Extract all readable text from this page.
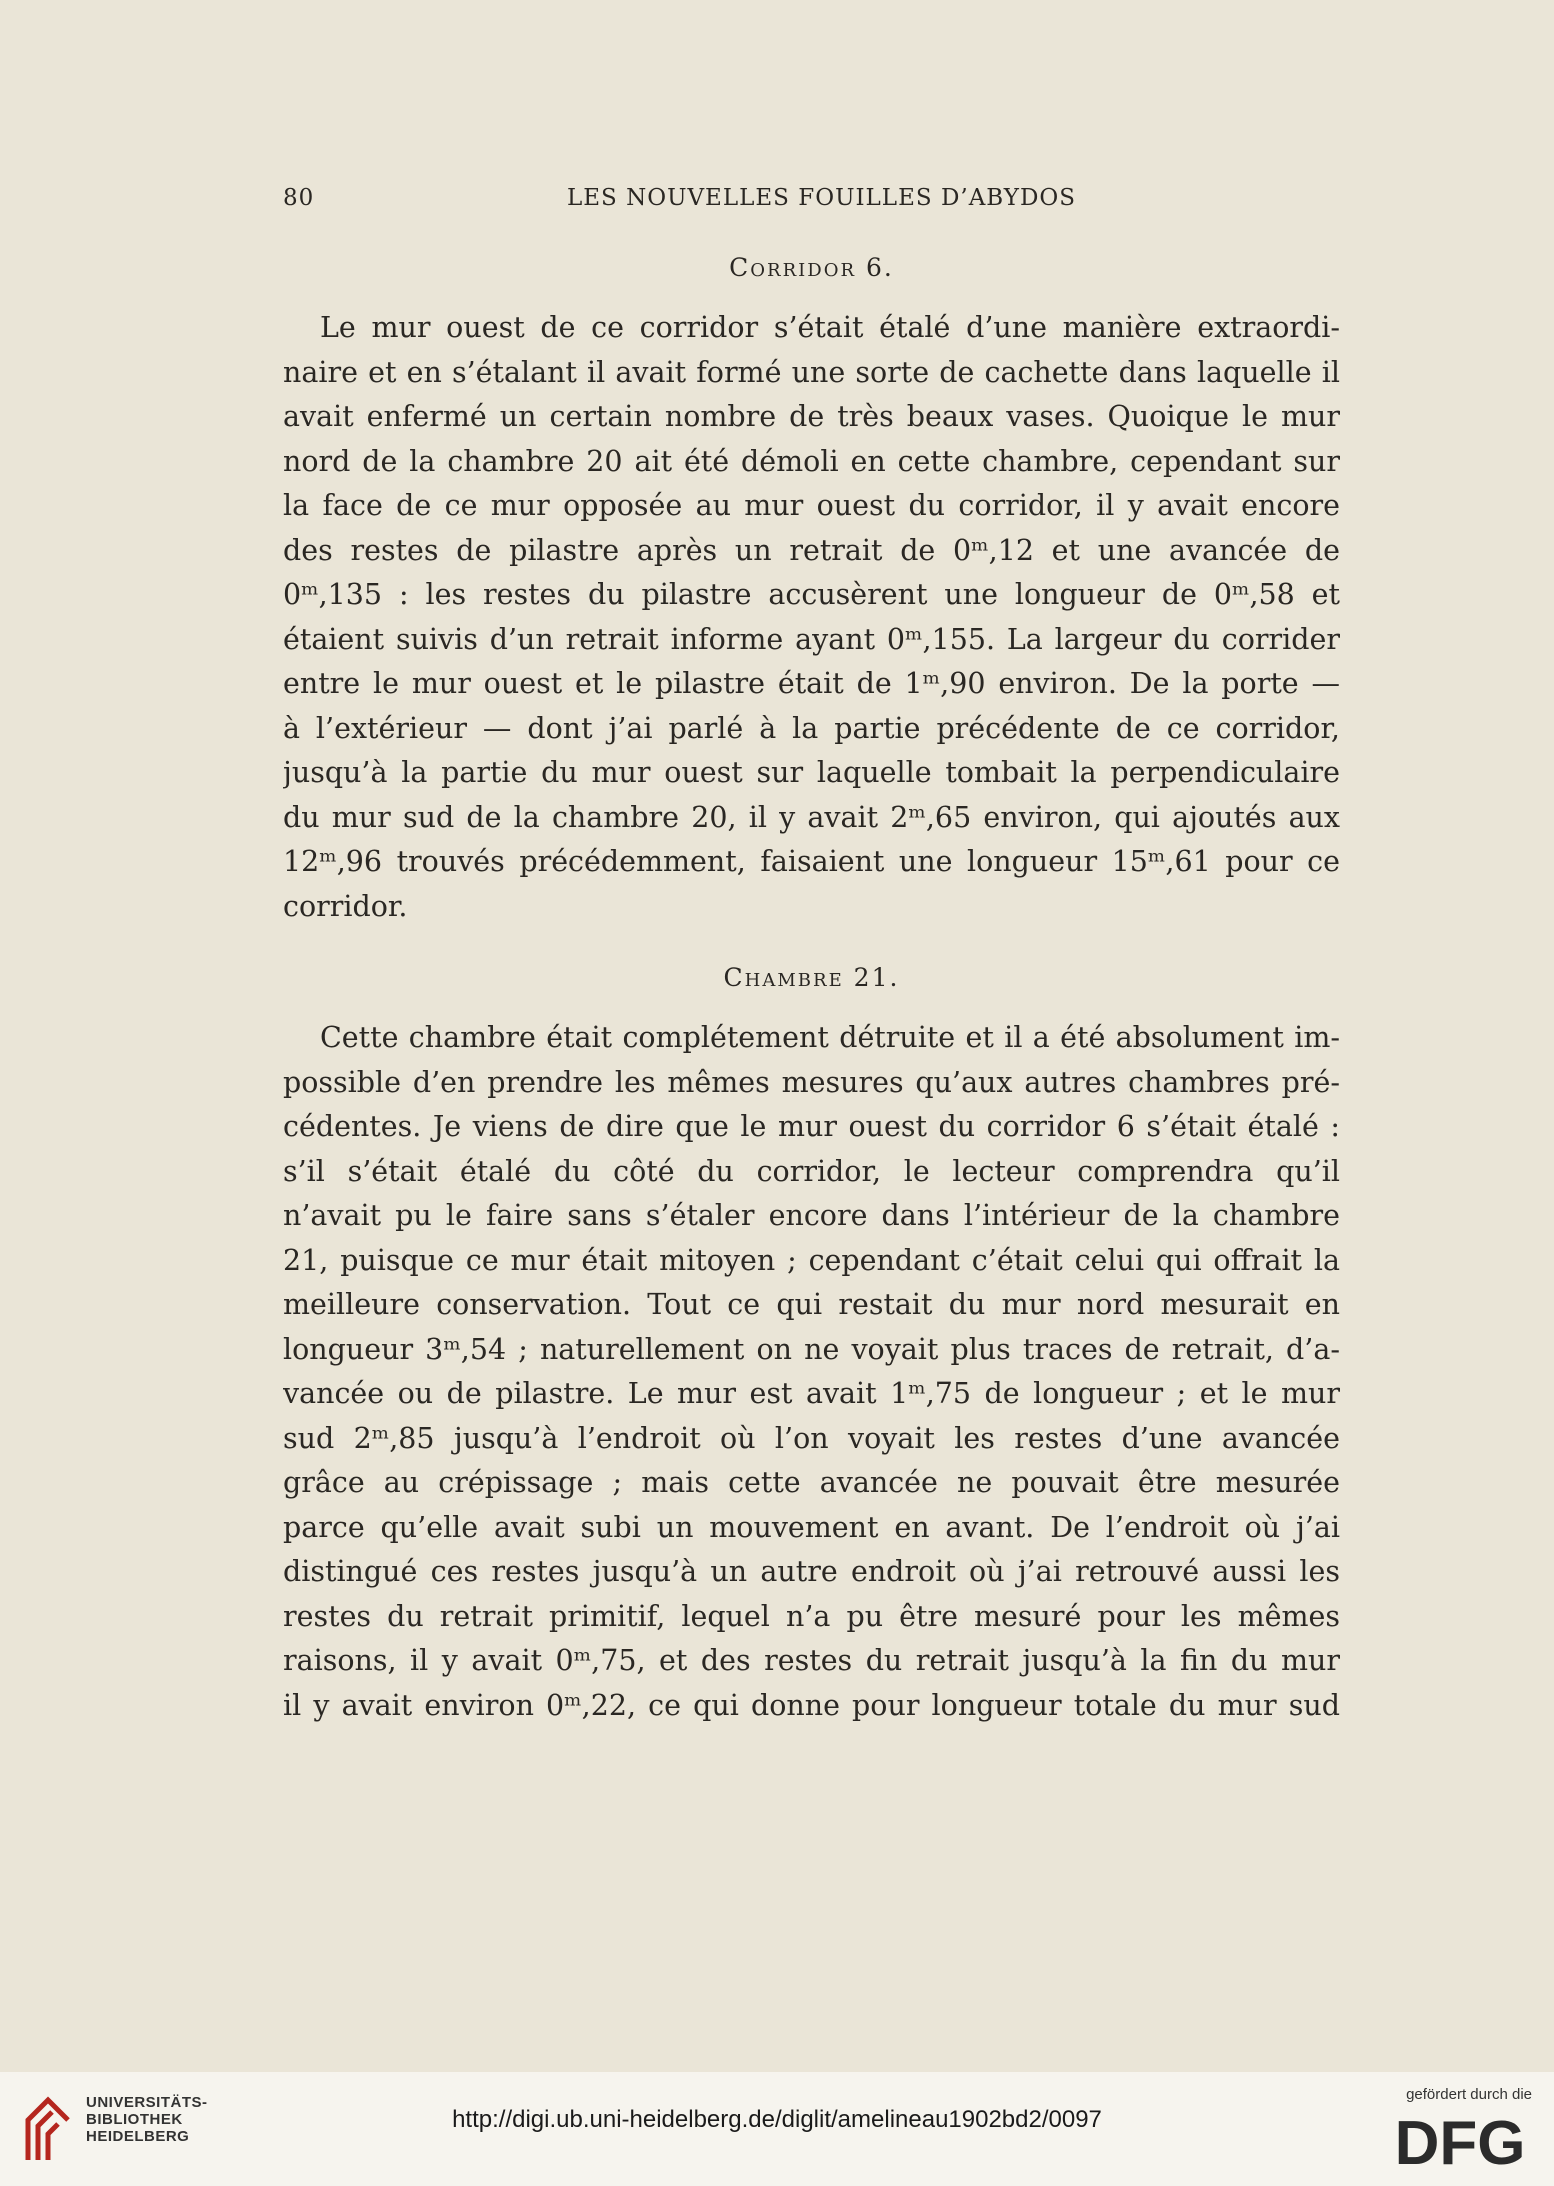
80	LES NOUVELLES FOUILLES D’ABYDOS
Corridor 6.
Le mur ouest de ce corridor s’était étalé d’une manière extraordi-
naire et en s’étalant il avait formé une sorte de cachette dans laquelle il
avait enfermé un certain nombre de très beaux vases. Quoique le mur
nord de la chambre 20 ait été démoli en cette chambre, cependant sur
la face de ce mur opposée au mur ouest du corridor, il y avait encore
des restes de pilastre après un retrait de 0ᵐ,12 et une avancée de
0ᵐ,135 : les restes du pilastre accusèrent une longueur de 0ᵐ,58 et
étaient suivis d’un retrait informe ayant 0ᵐ,155. La largeur du corrider
entre le mur ouest et le pilastre était de 1ᵐ,90 environ. De la porte —
à l’extérieur — dont j’ai parlé à la partie précédente de ce corridor,
jusqu’à la partie du mur ouest sur laquelle tombait la perpendiculaire
du mur sud de la chambre 20, il y avait 2ᵐ,65 environ, qui ajoutés aux
12ᵐ,96 trouvés précédemment, faisaient une longueur 15ᵐ,61 pour ce
corridor.
Chambre 21.
Cette chambre était complétement détruite et il a été absolument im-
possible d’en prendre les mêmes mesures qu’aux autres chambres pré-
cédentes. Je viens de dire que le mur ouest du corridor 6 s’était étalé :
s’il s’était étalé du côté du corridor, le lecteur comprendra qu’il
n’avait pu le faire sans s’étaler encore dans l’intérieur de la chambre
21, puisque ce mur était mitoyen ; cependant c’était celui qui offrait la
meilleure conservation. Tout ce qui restait du mur nord mesurait en
longueur 3ᵐ,54 ; naturellement on ne voyait plus traces de retrait, d’a-
vancée ou de pilastre. Le mur est avait 1ᵐ,75 de longueur ; et le mur
sud 2ᵐ,85 jusqu’à l’endroit où l’on voyait les restes d’une avancée
grâce au crépissage ; mais cette avancée ne pouvait être mesurée
parce qu’elle avait subi un mouvement en avant. De l’endroit où j’ai
distingué ces restes jusqu’à un autre endroit où j’ai retrouvé aussi les
restes du retrait primitif, lequel n’a pu être mesuré pour les mêmes
raisons, il y avait 0ᵐ,75, et des restes du retrait jusqu’à la fin du mur
il y avait environ 0ᵐ,22, ce qui donne pour longueur totale du mur sud
UNIVERSITÄTS-
BIBLIOTHEK
HEIDELBERG
http://digi.ub.uni-heidelberg.de/diglit/amelineau1902bd2/0097
gefördert durch die
DFG
